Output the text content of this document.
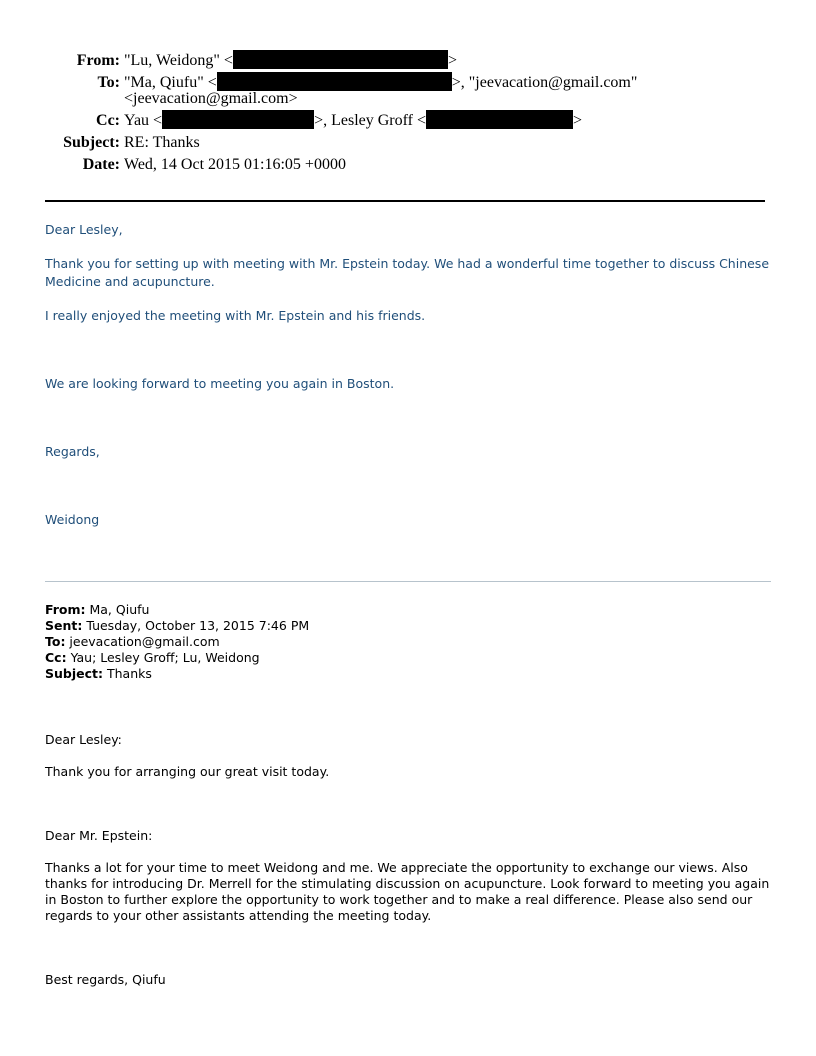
From: "Lu, Weidong" <	>
To: "Ma, Qiufu" <	>, "jeevacation@gmail.com"
<jeevacation@gmail.com>
Cc: Yau <	>, Lesley Groff <	>
Subject: RE: Thanks
Date: Wed, 14 Oct 2015 01:16:05 +0000
Dear Lesley,
Thank you for setting up with meeting with Mr. Epstein today. We had a wonderful time together to discuss Chinese Medicine and acupuncture.
I really enjoyed the meeting with Mr. Epstein and his friends.
We are looking forward to meeting you again in Boston.
Regards,
Weidong
From: Ma, Qiufu
Sent: Tuesday, October 13, 2015 7:46 PM
To: jeevacation@gmail.com
Cc: Yau; Lesley Groff; Lu, Weidong
Subject: Thanks
Dear Lesley:
Thank you for arranging our great visit today.
Dear Mr. Epstein:
Thanks a lot for your time to meet Weidong and me. We appreciate the opportunity to exchange our views. Also thanks for introducing Dr. Merrell for the stimulating discussion on acupuncture. Look forward to meeting you again in Boston to further explore the opportunity to work together and to make a real difference. Please also send our regards to your other assistants attending the meeting today.
Best regards, Qiufu
